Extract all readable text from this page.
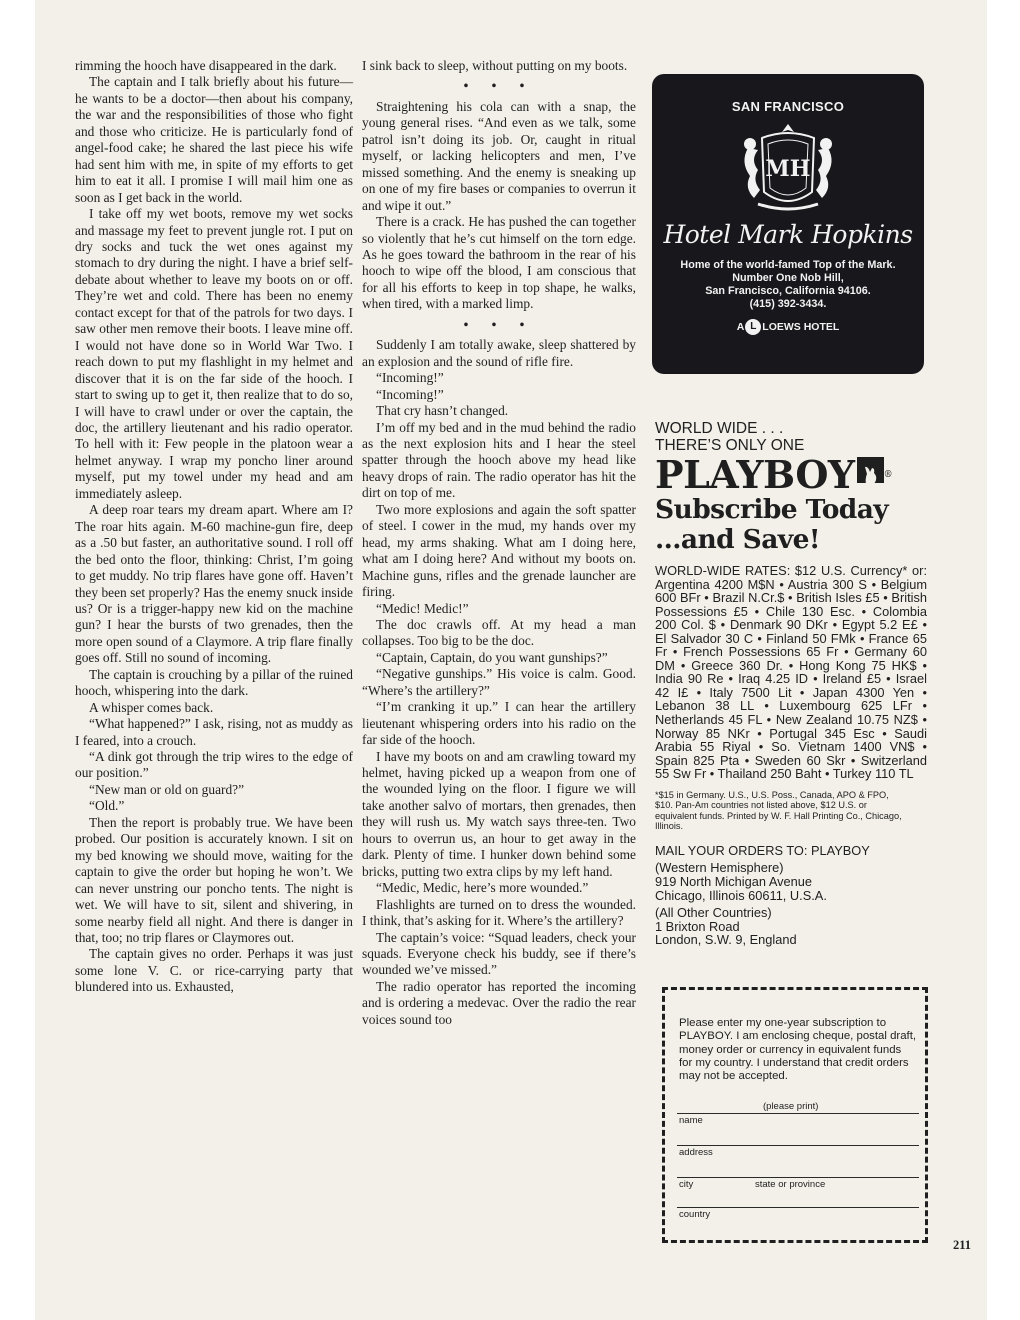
rimming the hooch have disappeared in the dark.

The captain and I talk briefly about his future—he wants to be a doctor—then about his company, the war and the responsibilities of those who fight and those who criticize. He is particularly fond of angel-food cake; he shared the last piece his wife had sent him with me, in spite of my efforts to get him to eat it all. I promise I will mail him one as soon as I get back in the world.

I take off my wet boots, remove my wet socks and massage my feet to prevent jungle rot. I put on dry socks and tuck the wet ones against my stomach to dry during the night. I have a brief self-debate about whether to leave my boots on or off. They’re wet and cold. There has been no enemy contact except for that of the patrols for two days. I saw other men remove their boots. I leave mine off. I would not have done so in World War Two. I reach down to put my flashlight in my helmet and discover that it is on the far side of the hooch. I start to swing up to get it, then realize that to do so, I will have to crawl under or over the captain, the doc, the artillery lieutenant and his radio operator. To hell with it: Few people in the platoon wear a helmet anyway. I wrap my poncho liner around myself, put my towel under my head and am immediately asleep.

A deep roar tears my dream apart. Where am I? The roar hits again. M-60 machine-gun fire, deep as a .50 but faster, an authoritative sound. I roll off the bed onto the floor, thinking: Christ, I’m going to get muddy. No trip flares have gone off. Haven’t they been set properly? Has the enemy snuck inside us? Or is a trigger-happy new kid on the machine gun? I hear the bursts of two grenades, then the more open sound of a Claymore. A trip flare finally goes off. Still no sound of incoming.

The captain is crouching by a pillar of the ruined hooch, whispering into the dark.

A whisper comes back.

“What happened?” I ask, rising, not as muddy as I feared, into a crouch.

“A dink got through the trip wires to the edge of our position.”

“New man or old on guard?”

“Old.”

Then the report is probably true. We have been probed. Our position is accurately known. I sit on my bed knowing we should move, waiting for the captain to give the order but hoping he won’t. We can never unstring our poncho tents. The night is wet. We will have to sit, silent and shivering, in some nearby field all night. And there is danger in that, too; no trip flares or Claymores out.

The captain gives no order. Perhaps it was just some lone V. C. or rice-carrying party that blundered into us. Exhausted,

I sink back to sleep, without putting on my boots.

• • •

Straightening his cola can with a snap, the young general rises. “And even as we talk, some patrol isn’t doing its job. Or, caught in ritual myself, or lacking helicopters and men, I’ve missed something. And the enemy is sneaking up on one of my fire bases or companies to overrun it and wipe it out.”

There is a crack. He has pushed the can together so violently that he’s cut himself on the torn edge. As he goes toward the bathroom in the rear of his hooch to wipe off the blood, I am conscious that for all his efforts to keep in top shape, he walks, when tired, with a marked limp.

• • •

Suddenly I am totally awake, sleep shattered by an explosion and the sound of rifle fire.

“Incoming!”

“Incoming!”

That cry hasn’t changed.

I’m off my bed and in the mud behind the radio as the next explosion hits and I hear the steel spatter through the hooch above my head like heavy drops of rain. The radio operator has hit the dirt on top of me.

Two more explosions and again the soft spatter of steel. I cower in the mud, my hands over my head, my arms shaking. What am I doing here, what am I doing here? And without my boots on. Machine guns, rifles and the grenade launcher are firing.

“Medic! Medic!”

The doc crawls off. At my head a man collapses. Too big to be the doc.

“Captain, Captain, do you want gunships?”

“Negative gunships.” His voice is calm. Good. “Where’s the artillery?”

“I’m cranking it up.” I can hear the artillery lieutenant whispering orders into his radio on the far side of the hooch.

I have my boots on and am crawling toward my helmet, having picked up a weapon from one of the wounded lying on the floor. I figure we will take another salvo of mortars, then grenades, then they will rush us. My watch says three-ten. Two hours to overrun us, an hour to get away in the dark. Plenty of time. I hunker down behind some bricks, putting two extra clips by my left hand.

“Medic, Medic, here’s more wounded.”

Flashlights are turned on to dress the wounded. I think, that’s asking for it. Where’s the artillery?

The captain’s voice: “Squad leaders, check your squads. Everyone check his buddy, see if there’s wounded we’ve missed.”

The radio operator has reported the incoming and is ordering a medevac. Over the radio the rear voices sound too

SAN FRANCISCO
MH
Hotel Mark Hopkins
Home of the world-famed Top of the Mark.
Number One Nob Hill,
San Francisco, California 94106.
(415) 392-3434.
A L LOEWS HOTEL
WORLD WIDE . . .
THERE’S ONLY ONE
PLAYBOY	®
Subscribe Today
...and Save!
WORLD-WIDE RATES: $12 U.S. Currency* or: Argentina 4200 M$N • Austria 300 S • Belgium 600 BFr • Brazil N.Cr.$ • British Isles £5 • British Possessions £5 • Chile 130 Esc. • Colombia 200 Col. $ • Denmark 90 DKr • Egypt 5.2 E£ • El Salvador 30 C • Finland 50 FMk • France 65 Fr • French Possessions 65 Fr • Germany 60 DM • Greece 360 Dr. • Hong Kong 75 HK$ • India 90 Re • Iraq 4.25 ID • Ireland £5 • Israel 42 I£ • Italy 7500 Lit • Japan 4300 Yen • Lebanon 38 LL • Luxembourg 625 LFr • Netherlands 45 FL • New Zealand 10.75 NZ$ • Norway 85 NKr • Portugal 345 Esc • Saudi Arabia 55 Riyal • So. Vietnam 1400 VN$ • Spain 825 Pta • Sweden 60 Skr • Switzerland 55 Sw Fr • Thailand 250 Baht • Turkey 110 TL
*$15 in Germany. U.S., U.S. Poss., Canada, APO & FPO, $10. Pan-Am countries not listed above, $12 U.S. or equivalent funds. Printed by W. F. Hall Printing Co., Chicago, Illinois.
MAIL YOUR ORDERS TO: PLAYBOY
(Western Hemisphere)
919 North Michigan Avenue
Chicago, Illinois 60611, U.S.A.
(All Other Countries)
1 Brixton Road
London, S.W. 9, England
Please enter my one-year subscription to PLAYBOY. I am enclosing cheque, postal draft, money order or currency in equivalent funds for my country. I understand that credit orders may not be accepted.
name
(please print)
address
city	state or province
country
211
